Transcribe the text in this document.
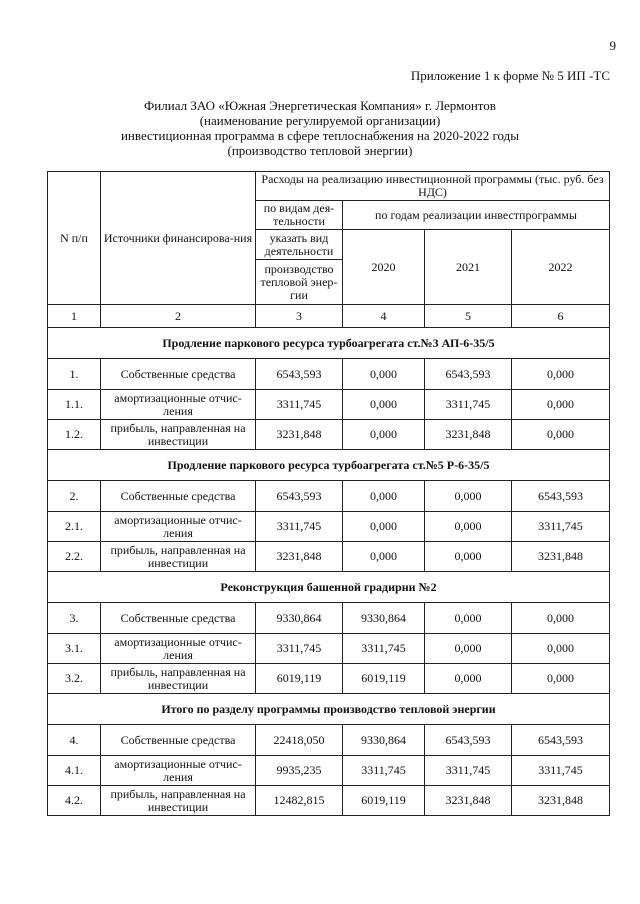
9
Приложение 1 к форме № 5 ИП -ТС
Филиал ЗАО «Южная Энергетическая Компания» г. Лермонтов
(наименование регулируемой организации)
инвестиционная программа в сфере теплоснабжения на 2020-2022 годы
(производство тепловой энергии)
N п/п	Источники финансирова-ния	Расходы на реализацию инвестиционной программы (тыс. руб. без НДС)			
		по видам дея-тельности	по годам реализации инвестпрограммы		
		указать вид деятельности	2020	2021	2022
		производство тепловой энер-гии			
1	2	3	4	5	6
Продление паркового ресурса турбоагрегата ст.№3 АП-6-35/5					
1.	Собственные средства	6543,593	0,000	6543,593	0,000
1.1.	амортизационные отчис-ления	3311,745	0,000	3311,745	0,000
1.2.	прибыль, направленная на инвестиции	3231,848	0,000	3231,848	0,000
Продление паркового ресурса турбоагрегата ст.№5 Р-6-35/5					
2.	Собственные средства	6543,593	0,000	0,000	6543,593
2.1.	амортизационные отчис-ления	3311,745	0,000	0,000	3311,745
2.2.	прибыль, направленная на инвестиции	3231,848	0,000	0,000	3231,848
Реконструкция башенной градирни №2					
3.	Собственные средства	9330,864	9330,864	0,000	0,000
3.1.	амортизационные отчис-ления	3311,745	3311,745	0,000	0,000
3.2.	прибыль, направленная на инвестиции	6019,119	6019,119	0,000	0,000
Итого по разделу программы производство тепловой энергии					
4.	Собственные средства	22418,050	9330,864	6543,593	6543,593
4.1.	амортизационные отчис-ления	9935,235	3311,745	3311,745	3311,745
4.2.	прибыль, направленная на инвестиции	12482,815	6019,119	3231,848	3231,848
